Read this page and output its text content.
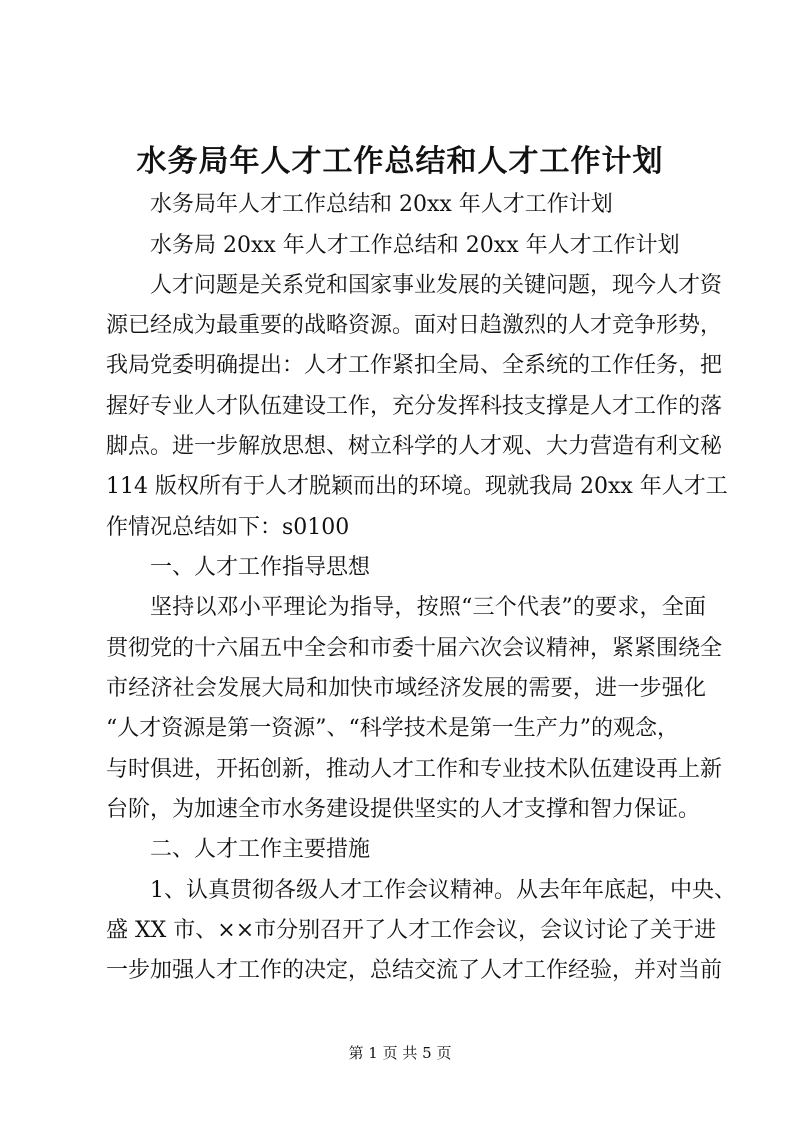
水务局年人才工作总结和人才工作计划
水务局年人才工作总结和 20xx 年人才工作计划
水务局 20xx 年人才工作总结和 20xx 年人才工作计划
人才问题是关系党和国家事业发展的关键问题，现今人才资
源已经成为最重要的战略资源。面对日趋激烈的人才竞争形势，
我局党委明确提出：人才工作紧扣全局、全系统的工作任务，把
握好专业人才队伍建设工作，充分发挥科技支撑是人才工作的落
脚点。进一步解放思想、树立科学的人才观、大力营造有利文秘
114 版权所有于人才脱颖而出的环境。现就我局 20xx 年人才工
作情况总结如下：s0100
一、人才工作指导思想
坚持以邓小平理论为指导，按照“三个代表”的要求，全面
贯彻党的十六届五中全会和市委十届六次会议精神，紧紧围绕全
市经济社会发展大局和加快市域经济发展的需要，进一步强化
“人才资源是第一资源”、“科学技术是第一生产力”的观念，
与时俱进，开拓创新，推动人才工作和专业技术队伍建设再上新
台阶，为加速全市水务建设提供坚实的人才支撑和智力保证。
二、人才工作主要措施
1、认真贯彻各级人才工作会议精神。从去年年底起，中央、
盛 XX 市、××市分别召开了人才工作会议，会议讨论了关于进
一步加强人才工作的决定，总结交流了人才工作经验，并对当前
第 1 页 共 5 页
